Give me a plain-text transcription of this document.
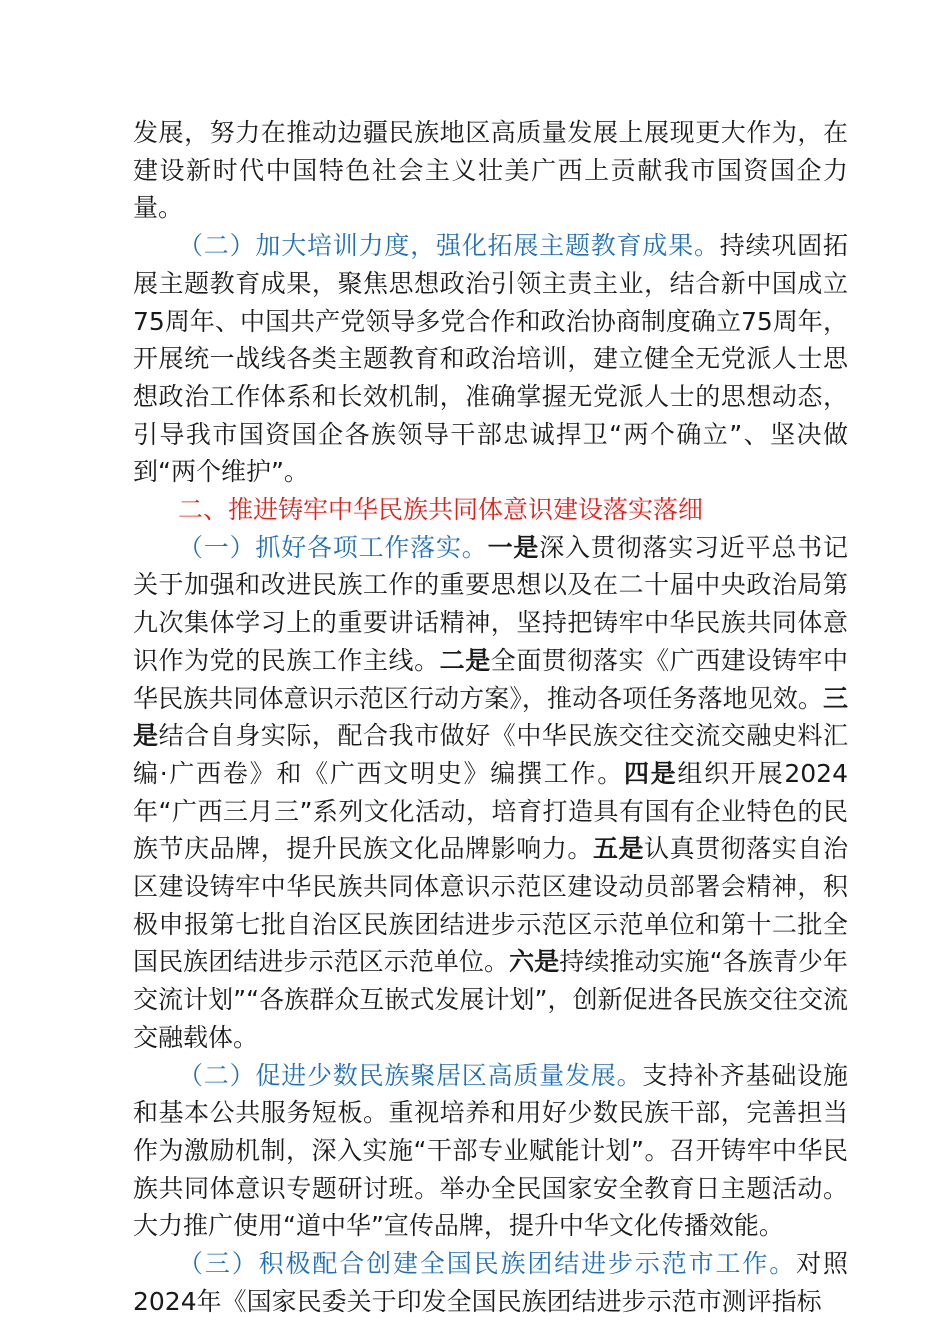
发展，努力在推动边疆民族地区高质量发展上展现更大作为，在建设新时代中国特色社会主义壮美广西上贡献我市国资国企力量。

（二）加大培训力度，强化拓展主题教育成果。持续巩固拓展主题教育成果，聚焦思想政治引领主责主业，结合新中国成立75周年、中国共产党领导多党合作和政治协商制度确立75周年，开展统一战线各类主题教育和政治培训，建立健全无党派人士思想政治工作体系和长效机制，准确掌握无党派人士的思想动态，引导我市国资国企各族领导干部忠诚捍卫“两个确立”、坚决做到“两个维护”。

二、推进铸牢中华民族共同体意识建设落实落细

（一）抓好各项工作落实。一是深入贯彻落实习近平总书记关于加强和改进民族工作的重要思想以及在二十届中央政治局第九次集体学习上的重要讲话精神，坚持把铸牢中华民族共同体意识作为党的民族工作主线。二是全面贯彻落实《广西建设铸牢中华民族共同体意识示范区行动方案》，推动各项任务落地见效。三是结合自身实际，配合我市做好《中华民族交往交流交融史料汇编·广西卷》和《广西文明史》编撰工作。四是组织开展2024年“广西三月三”系列文化活动，培育打造具有国有企业特色的民族节庆品牌，提升民族文化品牌影响力。五是认真贯彻落实自治区建设铸牢中华民族共同体意识示范区建设动员部署会精神，积极申报第七批自治区民族团结进步示范区示范单位和第十二批全国民族团结进步示范区示范单位。六是持续推动实施“各族青少年交流计划”“各族群众互嵌式发展计划”，创新促进各民族交往交流交融载体。

（二）促进少数民族聚居区高质量发展。支持补齐基础设施和基本公共服务短板。重视培养和用好少数民族干部，完善担当作为激励机制，深入实施“干部专业赋能计划”。召开铸牢中华民族共同体意识专题研讨班。举办全民国家安全教育日主题活动。大力推广使用“道中华”宣传品牌，提升中华文化传播效能。

（三）积极配合创建全国民族团结进步示范市工作。对照2024年《国家民委关于印发全国民族团结进步示范市测评指标
